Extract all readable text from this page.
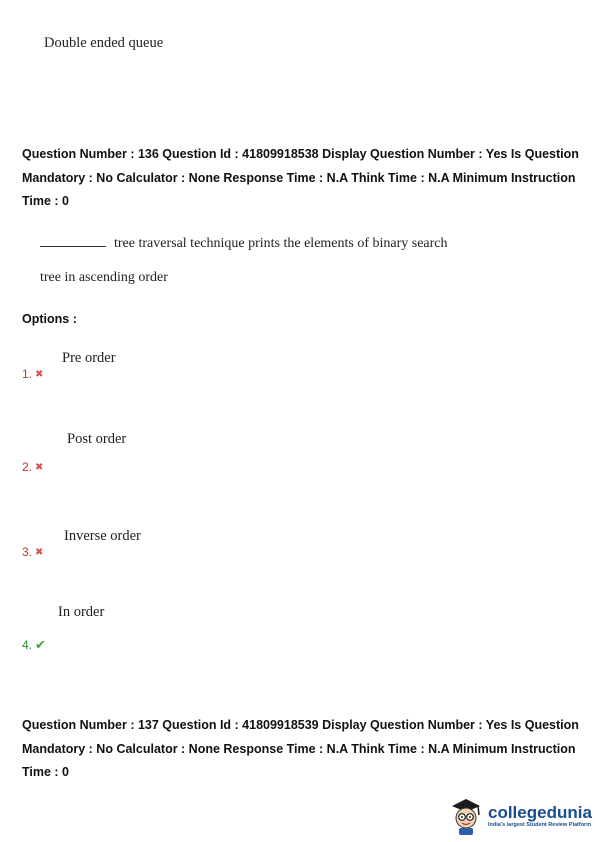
Double ended queue
Question Number : 136 Question Id : 41809918538 Display Question Number : Yes Is Question
Mandatory : No Calculator : None Response Time : N.A Think Time : N.A Minimum Instruction
Time : 0
tree traversal technique prints the elements of binary search
tree in ascending order
Options :
Pre order
1. ✖
Post order
2. ✖
Inverse order
3. ✖
In order
4. ✔
Question Number : 137 Question Id : 41809918539 Display Question Number : Yes Is Question
Mandatory : No Calculator : None Response Time : N.A Think Time : N.A Minimum Instruction
Time : 0
collegedunia
India's largest Student Review Platform
